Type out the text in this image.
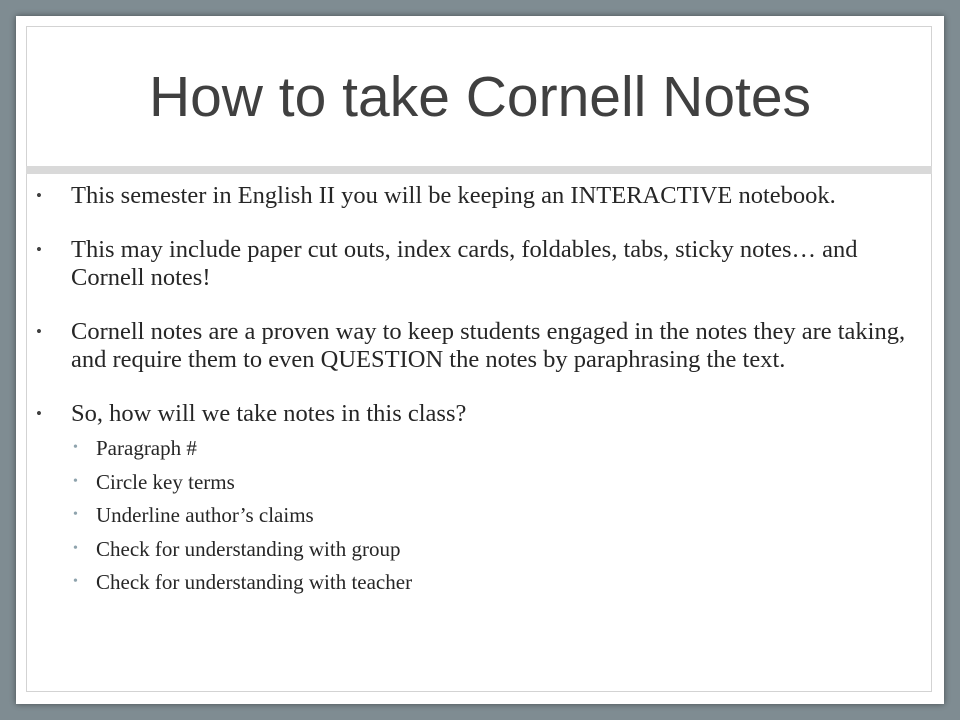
How to take Cornell Notes
• This semester in English II you will be keeping an INTERACTIVE notebook.
• This may include paper cut outs, index cards, foldables, tabs, sticky notes… and Cornell notes!
• Cornell notes are a proven way to keep students engaged in the notes they are taking, and require them to even QUESTION the notes by paraphrasing the text.
• So, how will we take notes in this class?
• Paragraph #
• Circle key terms
• Underline author’s claims
• Check for understanding with group
• Check for understanding with teacher
